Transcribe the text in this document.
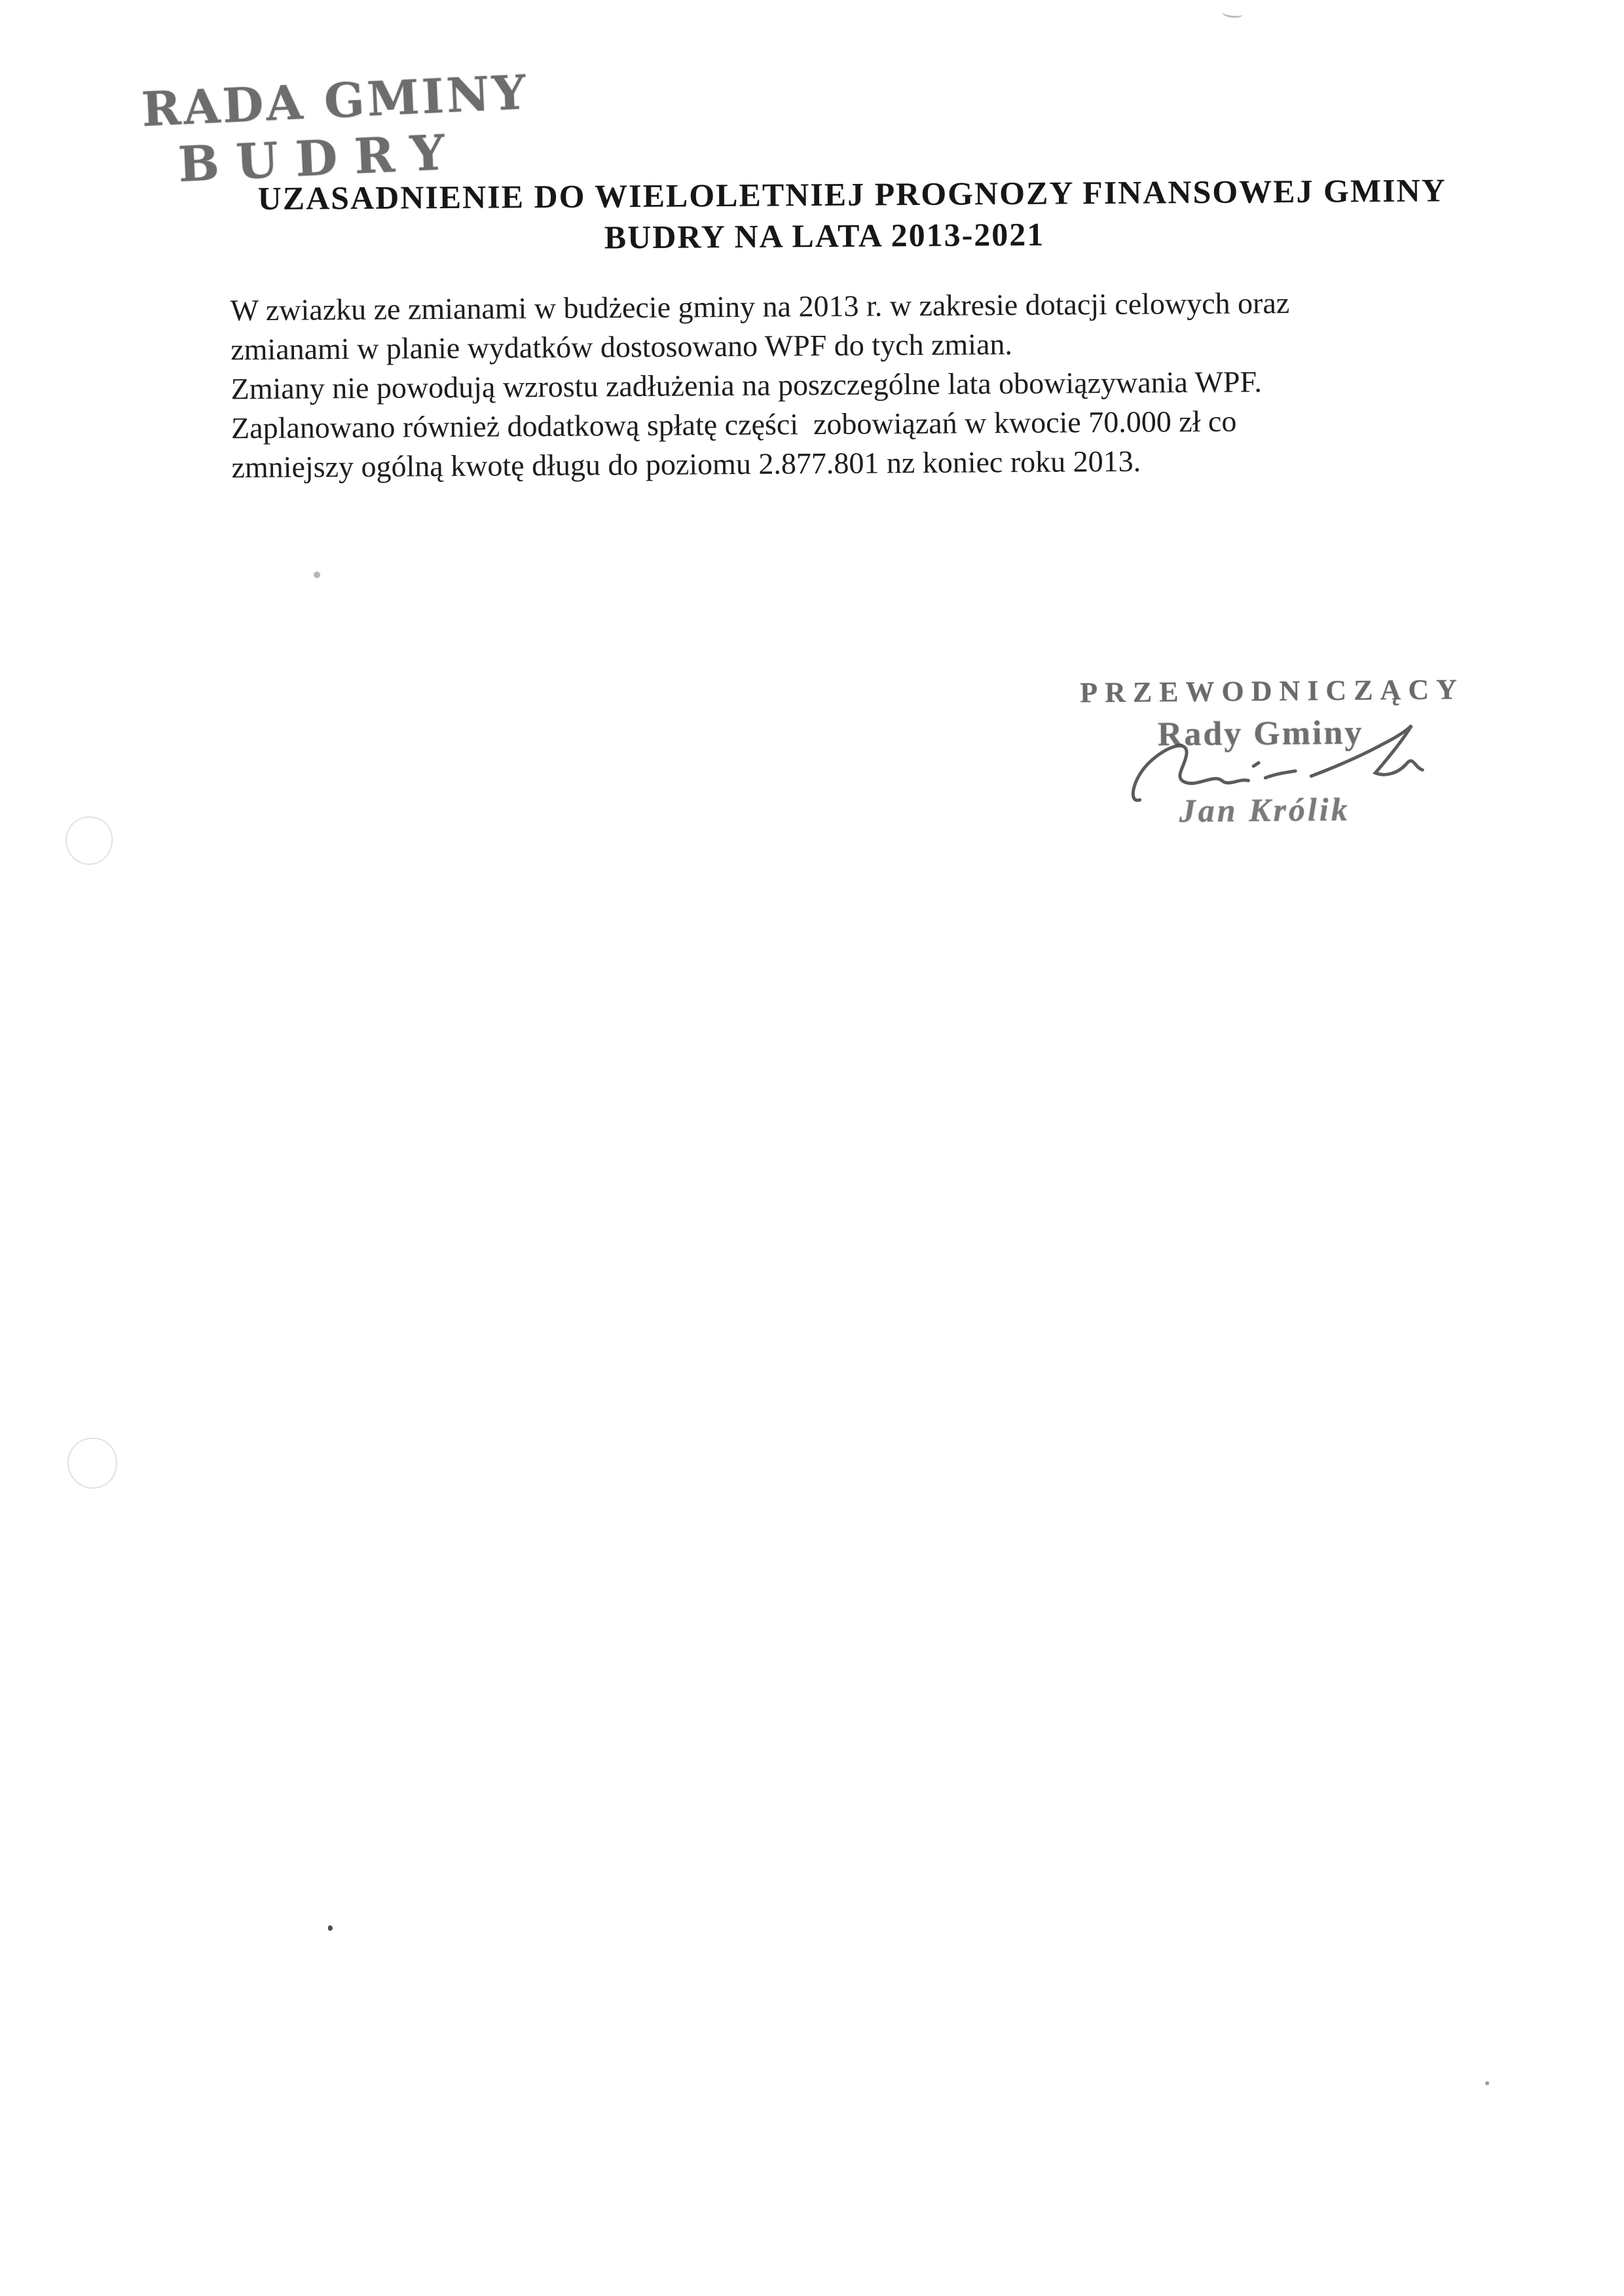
RADA GMINY
BUDRY
UZASADNIENIE DO WIELOLETNIEJ PROGNOZY FINANSOWEJ GMINY
BUDRY NA LATA 2013-2021
W zwiazku ze zmianami w budżecie gminy na 2013 r. w zakresie dotacji celowych oraz
zmianami w planie wydatków dostosowano WPF do tych zmian.
Zmiany nie powodują wzrostu zadłużenia na poszczególne lata obowiązywania WPF.
Zaplanowano również dodatkową spłatę części  zobowiązań w kwocie 70.000 zł co
zmniejszy ogólną kwotę długu do poziomu 2.877.801 nz koniec roku 2013.
PRZEWODNICZĄCY
Rady Gminy
Jan Królik
